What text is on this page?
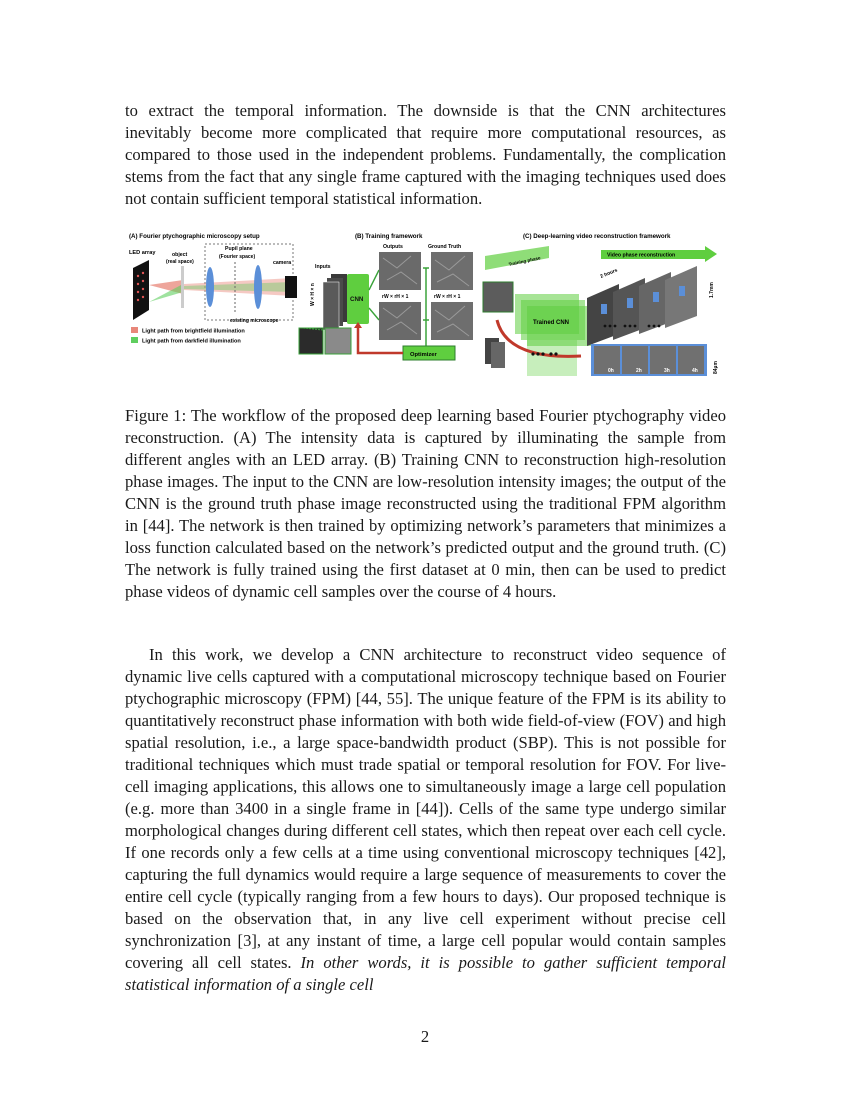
to extract the temporal information. The downside is that the CNN architectures inevitably become more complicated that require more computational resources, as compared to those used in the independent problems. Fundamentally, the complication stems from the fact that any single frame captured with the imaging techniques used does not contain sufficient temporal statistical information.

(A) Fourier ptychographic microscopy setup
LED array	object
(real space)
Pupil plane
(Fourier space)
camera
existing microscope
Light path from brightfield illumination
Light path from darkfield illumination
(B) Training framework
Outputs	Ground Truth
Inputs
W × H × n	CNN	rW × rH × 1	rW × rH × 1
Optimizer
(C) Deep-learning video reconstruction framework
Video phase reconstruction
Training phase
Trained CNN
2 hours
1.7mm
0h	2h	3h	4h	84µm

Figure 1: The workflow of the proposed deep learning based Fourier ptychography video reconstruction. (A) The intensity data is captured by illuminating the sample from different angles with an LED array. (B) Training CNN to reconstruction high-resolution phase images. The input to the CNN are low-resolution intensity images; the output of the CNN is the ground truth phase image reconstructed using the traditional FPM algorithm in [44]. The network is then trained by optimizing network’s parameters that minimizes a loss function calculated based on the network’s predicted output and the ground truth. (C) The network is fully trained using the first dataset at 0 min, then can be used to predict phase videos of dynamic cell samples over the course of 4 hours.

In this work, we develop a CNN architecture to reconstruct video sequence of dynamic live cells captured with a computational microscopy technique based on Fourier ptychographic microscopy (FPM) [44, 55]. The unique feature of the FPM is its ability to quantitatively reconstruct phase information with both wide field-of-view (FOV) and high spatial resolution, i.e., a large space-bandwidth product (SBP). This is not possible for traditional techniques which must trade spatial or temporal resolution for FOV. For live-cell imaging applications, this allows one to simultaneously image a large cell population (e.g. more than 3400 in a single frame in [44]). Cells of the same type undergo similar morphological changes during different cell states, which then repeat over each cell cycle. If one records only a few cells at a time using conventional microscopy techniques [42], capturing the full dynamics would require a large sequence of measurements to cover the entire cell cycle (typically ranging from a few hours to days). Our proposed technique is based on the observation that, in any live cell experiment without precise cell synchronization [3], at any instant of time, a large cell popular would contain samples covering all cell states. In other words, it is possible to gather sufficient temporal statistical information of a single cell

2
